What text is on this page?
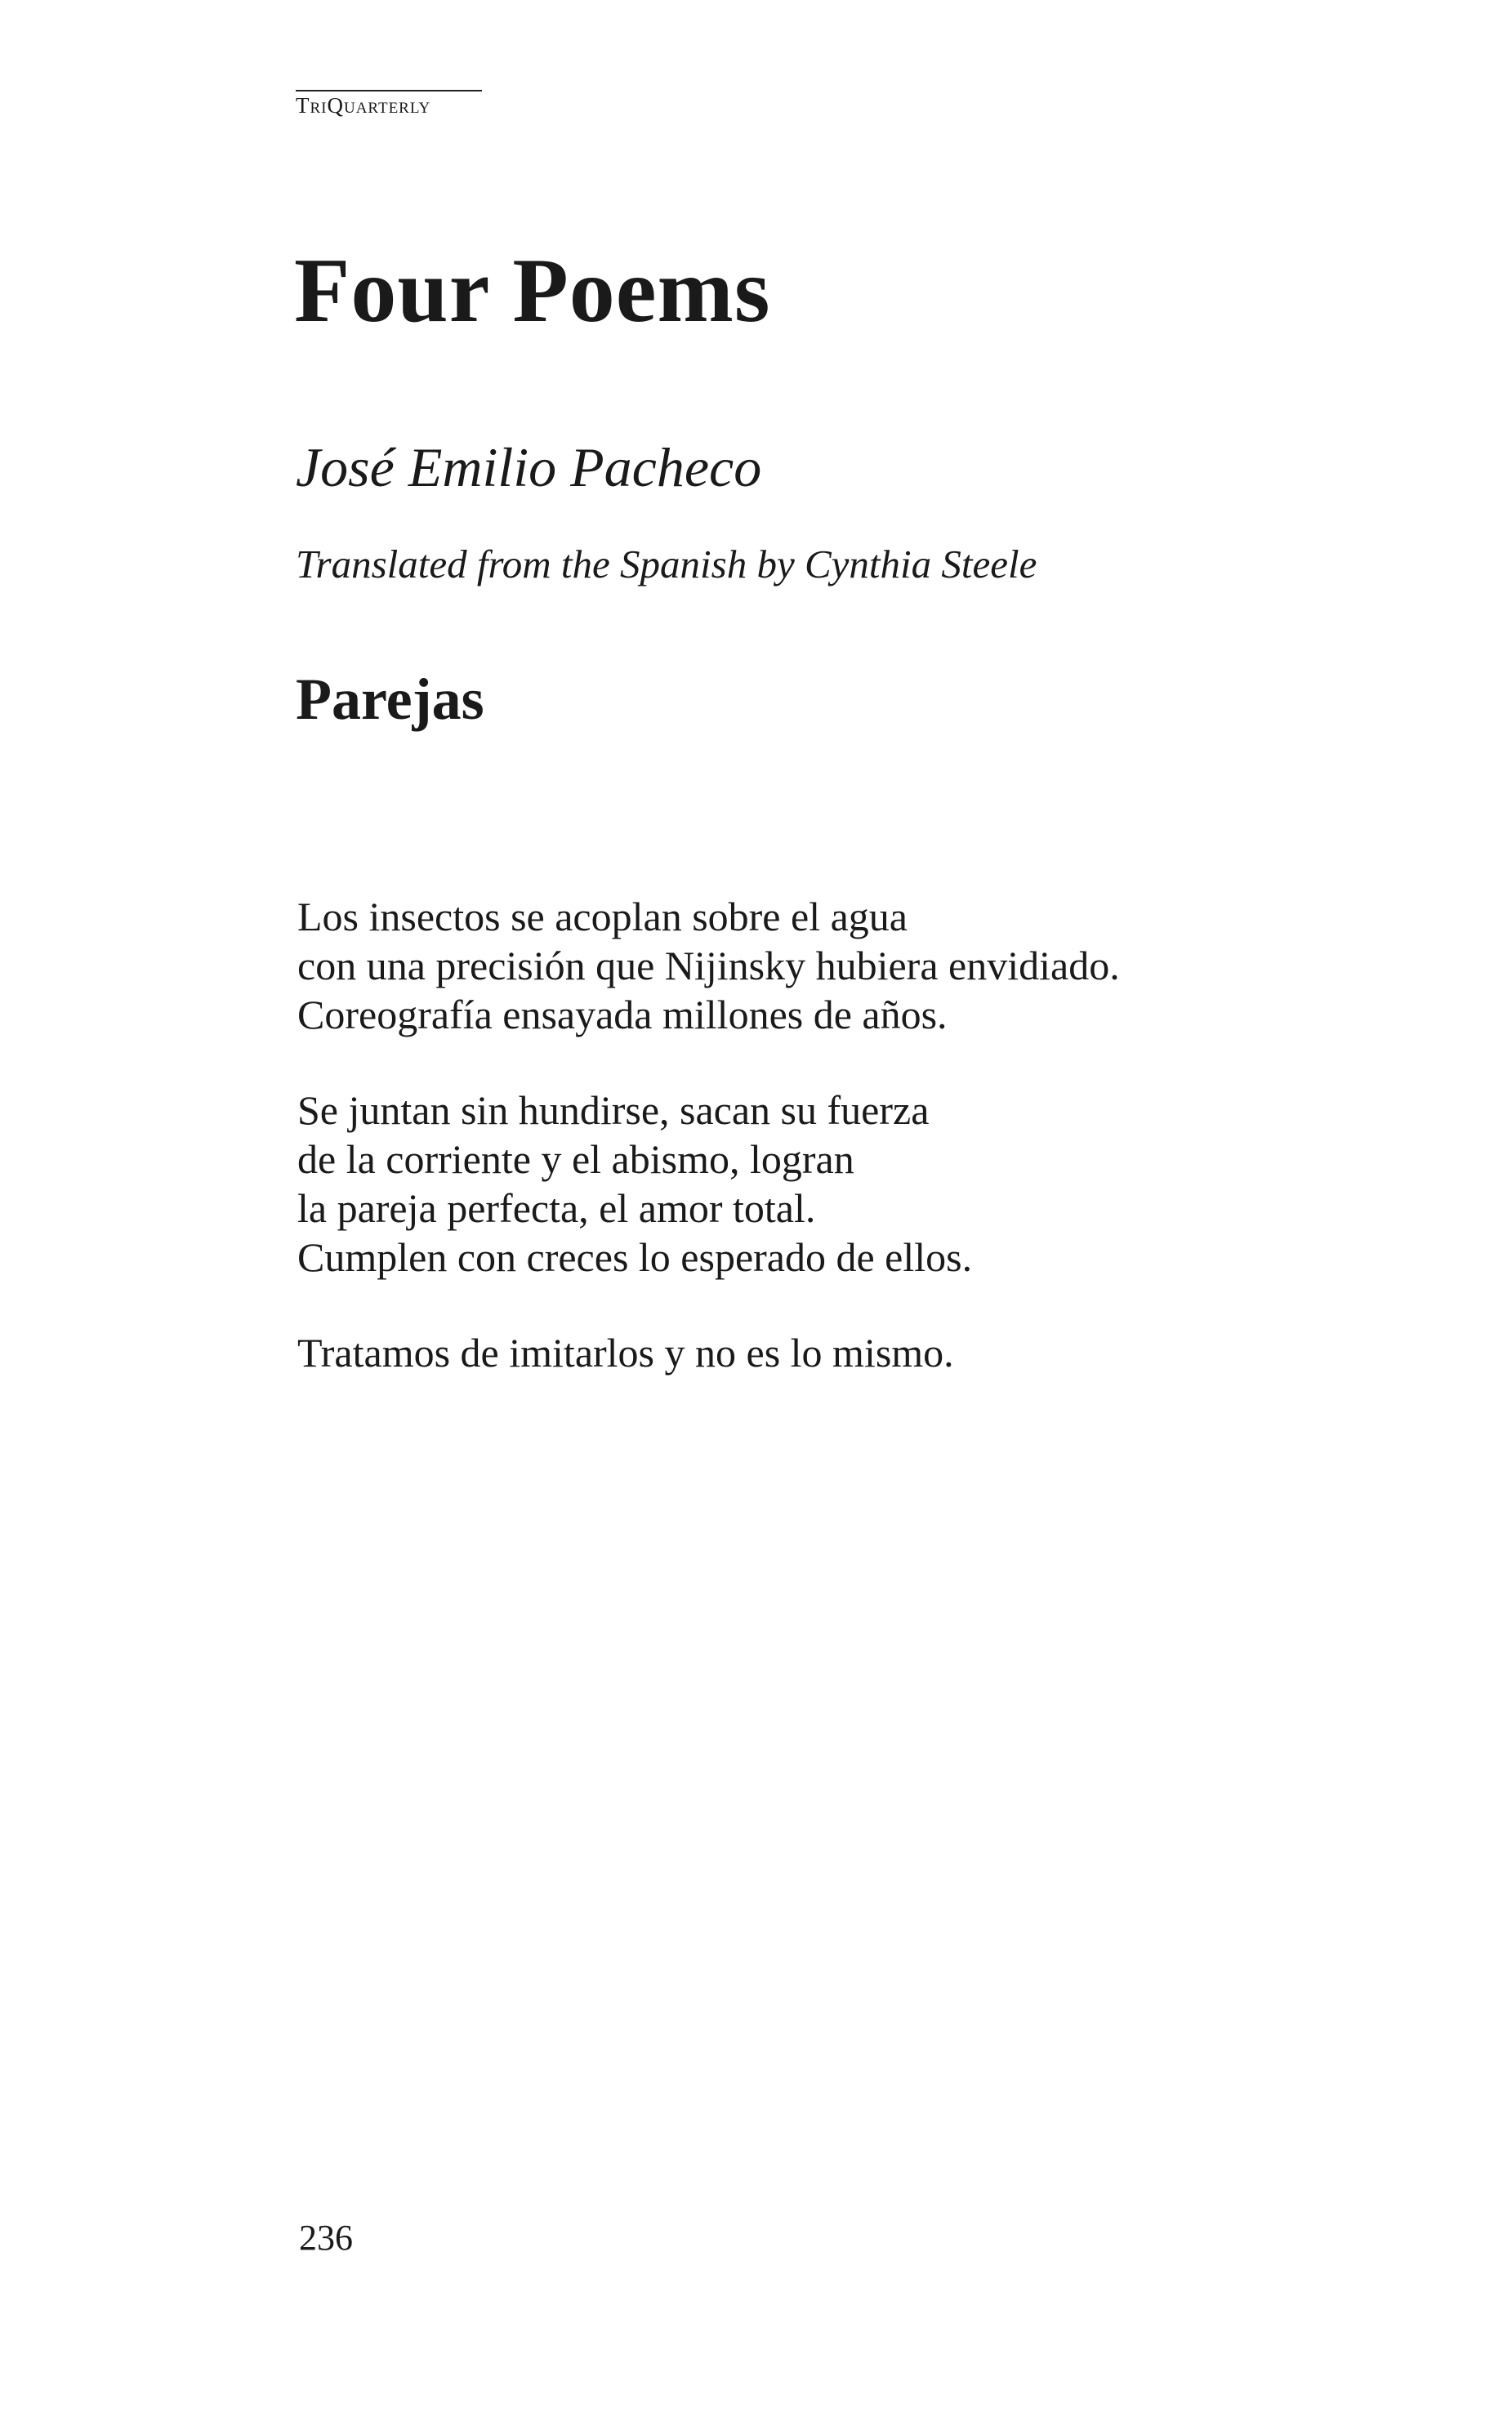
TriQuarterly
Four Poems
José Emilio Pacheco

Translated from the Spanish by Cynthia Steele

Parejas

Los insectos se acoplan sobre el agua
con una precisión que Nijinsky hubiera envidiado.
Coreografía ensayada millones de años.

Se juntan sin hundirse, sacan su fuerza
de la corriente y el abismo, logran
la pareja perfecta, el amor total.
Cumplen con creces lo esperado de ellos.

Tratamos de imitarlos y no es lo mismo.

236
